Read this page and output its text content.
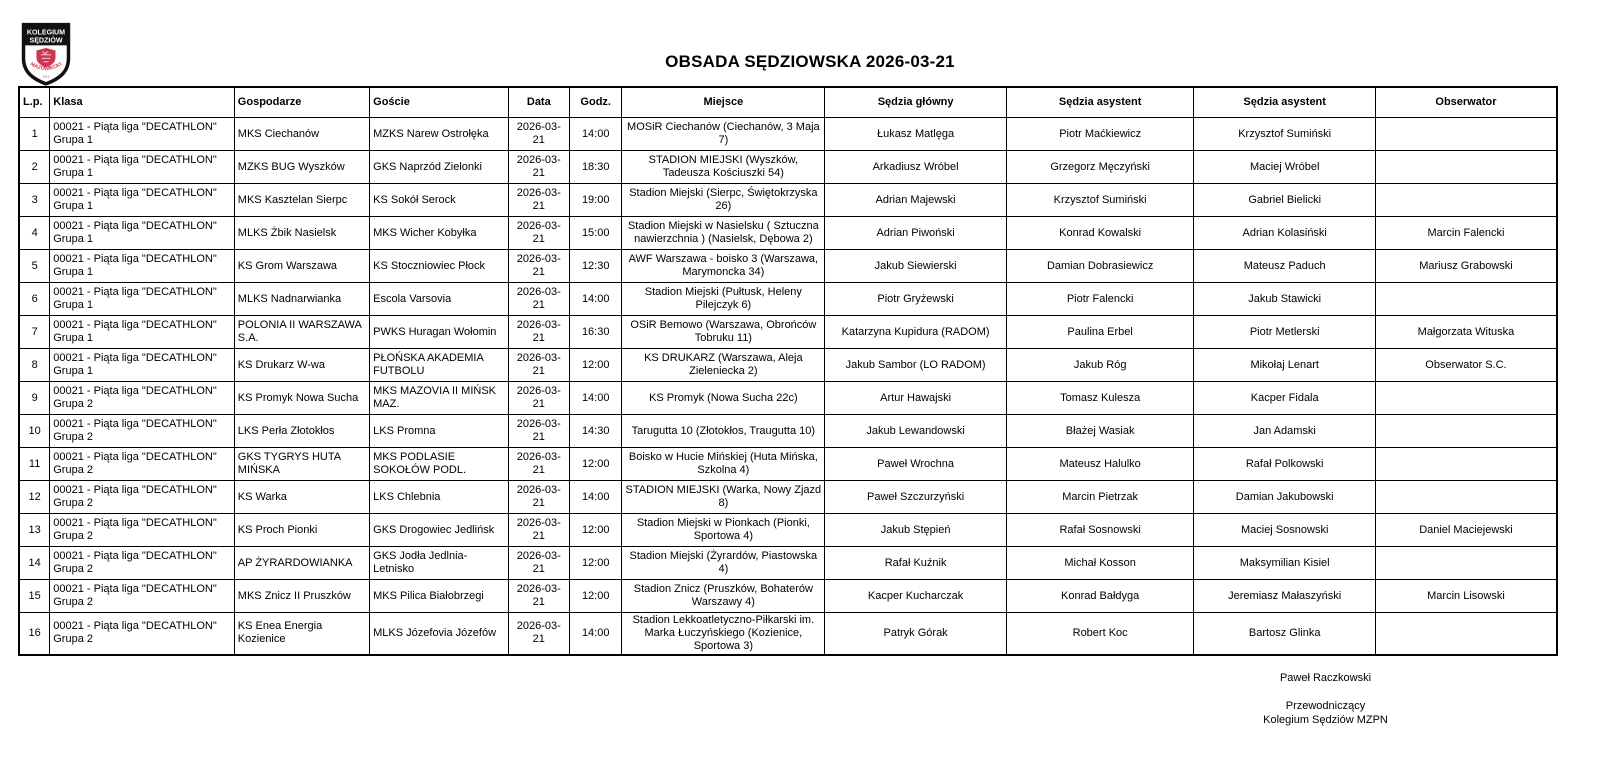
KOLEGIUM
SĘDZIÓW
MAZOWIECKI
1919
OBSADA SĘDZIOWSKA 2026-03-21
L.p.	Klasa	Gospodarze	Goście	Data	Godz.	Miejsce	Sędzia główny	Sędzia asystent	Sędzia asystent	Obserwator
1	00021 - Piąta liga "DECATHLON" Grupa 1	MKS Ciechanów	MZKS Narew Ostrołęka	2026-03-21	14:00	MOSiR Ciechanów (Ciechanów, 3 Maja 7)	Łukasz Matlęga	Piotr Maćkiewicz	Krzysztof Sumiński	
2	00021 - Piąta liga "DECATHLON" Grupa 1	MZKS BUG Wyszków	GKS Naprzód Zielonki	2026-03-21	18:30	STADION MIEJSKI (Wyszków, Tadeusza Kościuszki 54)	Arkadiusz Wróbel	Grzegorz Męczyński	Maciej Wróbel	
3	00021 - Piąta liga "DECATHLON" Grupa 1	MKS Kasztelan Sierpc	KS Sokół Serock	2026-03-21	19:00	Stadion Miejski (Sierpc, Świętokrzyska 26)	Adrian Majewski	Krzysztof Sumiński	Gabriel Bielicki	
4	00021 - Piąta liga "DECATHLON" Grupa 1	MLKS Żbik Nasielsk	MKS Wicher Kobyłka	2026-03-21	15:00	Stadion Miejski w Nasielsku ( Sztuczna nawierzchnia ) (Nasielsk, Dębowa 2)	Adrian Piwoński	Konrad Kowalski	Adrian Kolasiński	Marcin Falencki
5	00021 - Piąta liga "DECATHLON" Grupa 1	KS Grom Warszawa	KS Stoczniowiec Płock	2026-03-21	12:30	AWF Warszawa - boisko 3 (Warszawa, Marymoncka 34)	Jakub Siewierski	Damian Dobrasiewicz	Mateusz Paduch	Mariusz Grabowski
6	00021 - Piąta liga "DECATHLON" Grupa 1	MLKS Nadnarwianka	Escola Varsovia	2026-03-21	14:00	Stadion Miejski (Pułtusk, Heleny Pilejczyk 6)	Piotr Gryżewski	Piotr Falencki	Jakub Stawicki	
7	00021 - Piąta liga "DECATHLON" Grupa 1	POLONIA II WARSZAWA S.A.	PWKS Huragan Wołomin	2026-03-21	16:30	OSiR Bemowo (Warszawa, Obrońców Tobruku 11)	Katarzyna Kupidura (RADOM)	Paulina Erbel	Piotr Metlerski	Małgorzata Wituska
8	00021 - Piąta liga "DECATHLON" Grupa 1	KS Drukarz W-wa	PŁOŃSKA AKADEMIA FUTBOLU	2026-03-21	12:00	KS DRUKARZ (Warszawa, Aleja Zieleniecka 2)	Jakub Sambor (LO RADOM)	Jakub Róg	Mikołaj Lenart	Obserwator S.C.
9	00021 - Piąta liga "DECATHLON" Grupa 2	KS Promyk Nowa Sucha	MKS MAZOVIA II MIŃSK MAZ.	2026-03-21	14:00	KS Promyk (Nowa Sucha 22c)	Artur Hawajski	Tomasz Kulesza	Kacper Fidala	
10	00021 - Piąta liga "DECATHLON" Grupa 2	LKS Perła Złotokłos	LKS Promna	2026-03-21	14:30	Tarugutta 10 (Złotokłos, Traugutta 10)	Jakub Lewandowski	Błażej Wasiak	Jan Adamski	
11	00021 - Piąta liga "DECATHLON" Grupa 2	GKS TYGRYS HUTA MIŃSKA	MKS PODLASIE SOKOŁÓW PODL.	2026-03-21	12:00	Boisko w Hucie Mińskiej (Huta Mińska, Szkolna 4)	Paweł Wrochna	Mateusz Halulko	Rafał Polkowski	
12	00021 - Piąta liga "DECATHLON" Grupa 2	KS Warka	LKS Chlebnia	2026-03-21	14:00	STADION MIEJSKI (Warka, Nowy Zjazd 8)	Paweł Szczurzyński	Marcin Pietrzak	Damian Jakubowski	
13	00021 - Piąta liga "DECATHLON" Grupa 2	KS Proch Pionki	GKS Drogowiec Jedlińsk	2026-03-21	12:00	Stadion Miejski w Pionkach (Pionki, Sportowa 4)	Jakub Stępień	Rafał Sosnowski	Maciej Sosnowski	Daniel Maciejewski
14	00021 - Piąta liga "DECATHLON" Grupa 2	AP ŻYRARDOWIANKA	GKS Jodła Jedlnia-Letnisko	2026-03-21	12:00	Stadion Miejski (Żyrardów, Piastowska 4)	Rafał Kuźnik	Michał Kosson	Maksymilian Kisiel	
15	00021 - Piąta liga "DECATHLON" Grupa 2	MKS Znicz II Pruszków	MKS Pilica Białobrzegi	2026-03-21	12:00	Stadion Znicz (Pruszków, Bohaterów Warszawy 4)	Kacper Kucharczak	Konrad Bałdyga	Jeremiasz Małaszyński	Marcin Lisowski
16	00021 - Piąta liga "DECATHLON" Grupa 2	KS Enea Energia Kozienice	MLKS Józefovia Józefów	2026-03-21	14:00	Stadion Lekkoatletyczno-Piłkarski im. Marka Łuczyńskiego (Kozienice, Sportowa 3)	Patryk Górak	Robert Koc	Bartosz Glinka	
Paweł Raczkowski
Przewodniczący
Kolegium Sędziów MZPN
